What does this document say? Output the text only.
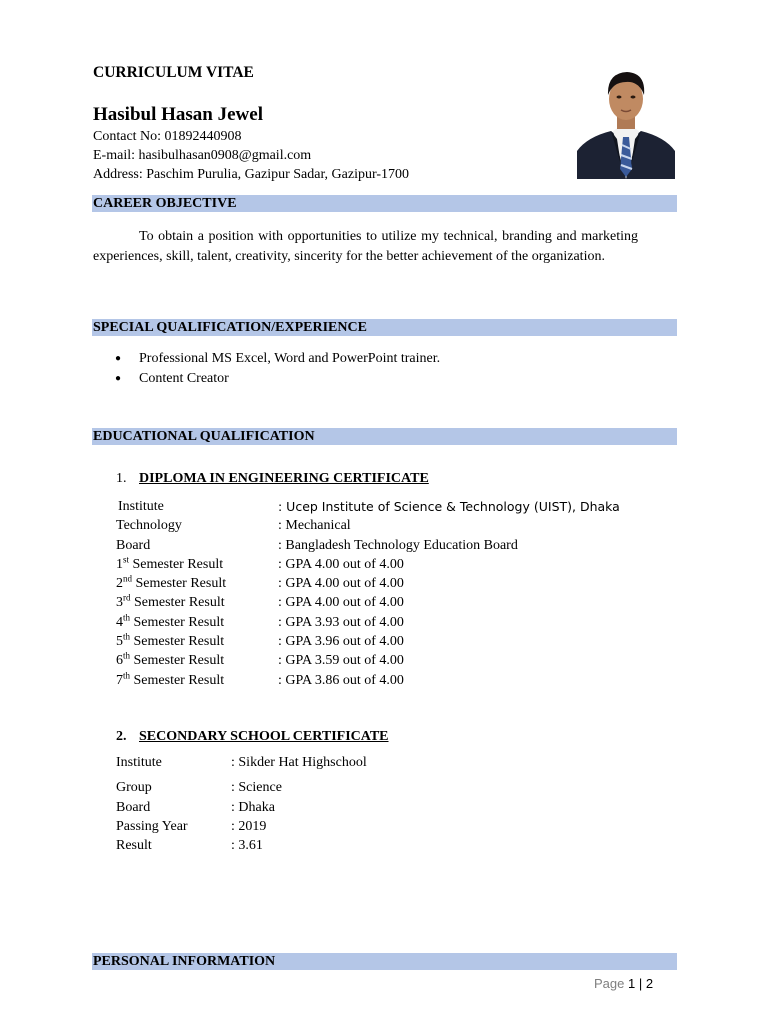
CURRICULUM VITAE
Hasibul Hasan Jewel
Contact No: 01892440908
E-mail: hasibulhasan0908@gmail.com
Address: Paschim Purulia, Gazipur Sadar, Gazipur-1700
CAREER OBJECTIVE
To obtain a position with opportunities to utilize my technical, branding and marketing experiences, skill, talent, creativity, sincerity for the better achievement of the organization.
SPECIAL QUALIFICATION/EXPERIENCE
● Professional MS Excel, Word and PowerPoint trainer.
● Content Creator
EDUCATIONAL QUALIFICATION
1. DIPLOMA IN ENGINEERING CERTIFICATE
Institute	: Ucep Institute of Science & Technology (UIST), Dhaka
Technology	: Mechanical
Board	: Bangladesh Technology Education Board
1st Semester Result	: GPA 4.00 out of 4.00
2nd Semester Result	: GPA 4.00 out of 4.00
3rd Semester Result	: GPA 4.00 out of 4.00
4th Semester Result	: GPA 3.93 out of 4.00
5th Semester Result	: GPA 3.96 out of 4.00
6th Semester Result	: GPA 3.59 out of 4.00
7th Semester Result	: GPA 3.86 out of 4.00
2. SECONDARY SCHOOL CERTIFICATE
Institute	: Sikder Hat Highschool
Group	: Science
Board	: Dhaka
Passing Year	: 2019
Result	: 3.61
PERSONAL INFORMATION
Page 1 | 2
